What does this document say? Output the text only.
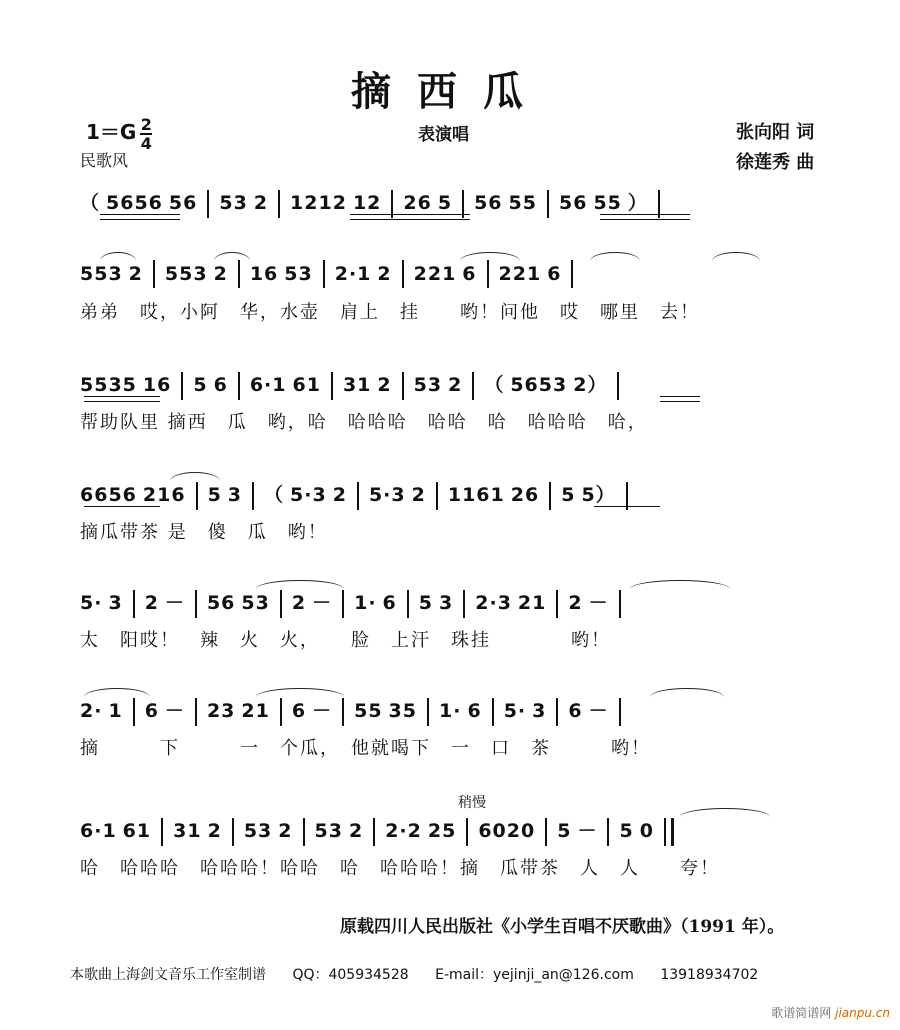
摘西瓜
$1=G \frac{2}{4}$	表演唱
民歌风
张向阳 词
徐莲秀 曲
（ 5656 56 53 2 1212 12 26 5 56 55 56 55 ）
553 2 553 2 16 53 2·1 2 221 6 221 6
弟弟　哎，小阿　华，水壶　肩上　挂　　哟！问他　哎　哪里　去！
5535 16 5 6 6·1 61 31 2 53 2 （ 5653 2）
帮助队里 摘西　瓜　哟，哈　哈哈哈　哈哈　哈　哈哈哈　哈，
6656 216 5 3 （ 5·3 2 5·3 2 1161 26 5 5）
摘瓜带茶 是　傻　瓜　哟！
5· 3 2 － 56 53 2 － 1· 6 5 3 2·3 21 2 －
太　阳哎！　辣　火　火，　　脸　上汗　珠挂　　　　哟！
2· 1 6 － 23 21 6 － 55 35 1· 6 5· 3 6 －
摘　　　下　　　一　个瓜，　他就喝下　一　口　茶　　　哟！
6·1 61 31 2 53 2 53 2 2·2 25 6020 5 － 5 0
哈　哈哈哈　哈哈哈！哈哈　哈　哈哈哈！摘　瓜带茶　人　人　　夸！
稍慢
原载四川人民出版社《小学生百唱不厌歌曲》（1991 年）。
本歌曲上海剑文音乐工作室制谱 QQ：405934528 E-mail：yejinji_an@126.com 13918934702
歌谱简谱网 jianpu.cn
